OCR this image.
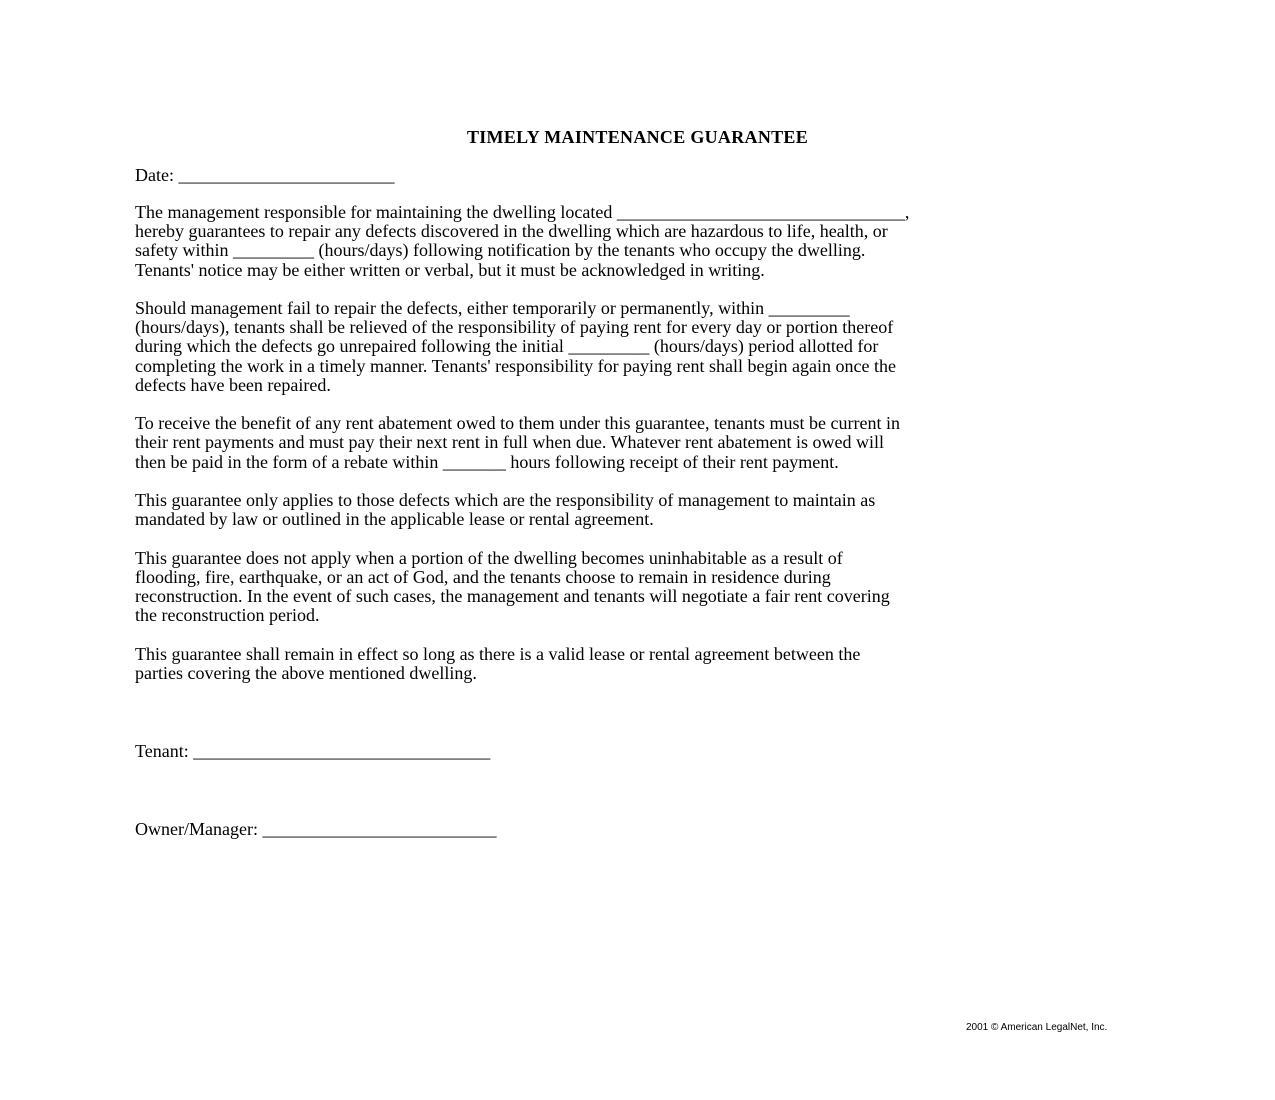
TIMELY MAINTENANCE GUARANTEE
Date: ________________________
The management responsible for maintaining the dwelling located ________________________________,
hereby guarantees to repair any defects discovered in the dwelling which are hazardous to life, health, or
safety within _________ (hours/days) following notification by the tenants who occupy the dwelling.
Tenants' notice may be either written or verbal, but it must be acknowledged in writing.
Should management fail to repair the defects, either temporarily or permanently, within _________
(hours/days), tenants shall be relieved of the responsibility of paying rent for every day or portion thereof
during which the defects go unrepaired following the initial _________ (hours/days) period allotted for
completing the work in a timely manner. Tenants' responsibility for paying rent shall begin again once the
defects have been repaired.
To receive the benefit of any rent abatement owed to them under this guarantee, tenants must be current in
their rent payments and must pay their next rent in full when due. Whatever rent abatement is owed will
then be paid in the form of a rebate within _______ hours following receipt of their rent payment.
This guarantee only applies to those defects which are the responsibility of management to maintain as
mandated by law or outlined in the applicable lease or rental agreement.
This guarantee does not apply when a portion of the dwelling becomes uninhabitable as a result of
flooding, fire, earthquake, or an act of God, and the tenants choose to remain in residence during
reconstruction. In the event of such cases, the management and tenants will negotiate a fair rent covering
the reconstruction period.
This guarantee shall remain in effect so long as there is a valid lease or rental agreement between the
parties covering the above mentioned dwelling.
Tenant: _________________________________
Owner/Manager: __________________________
2001 © American LegalNet, Inc.
